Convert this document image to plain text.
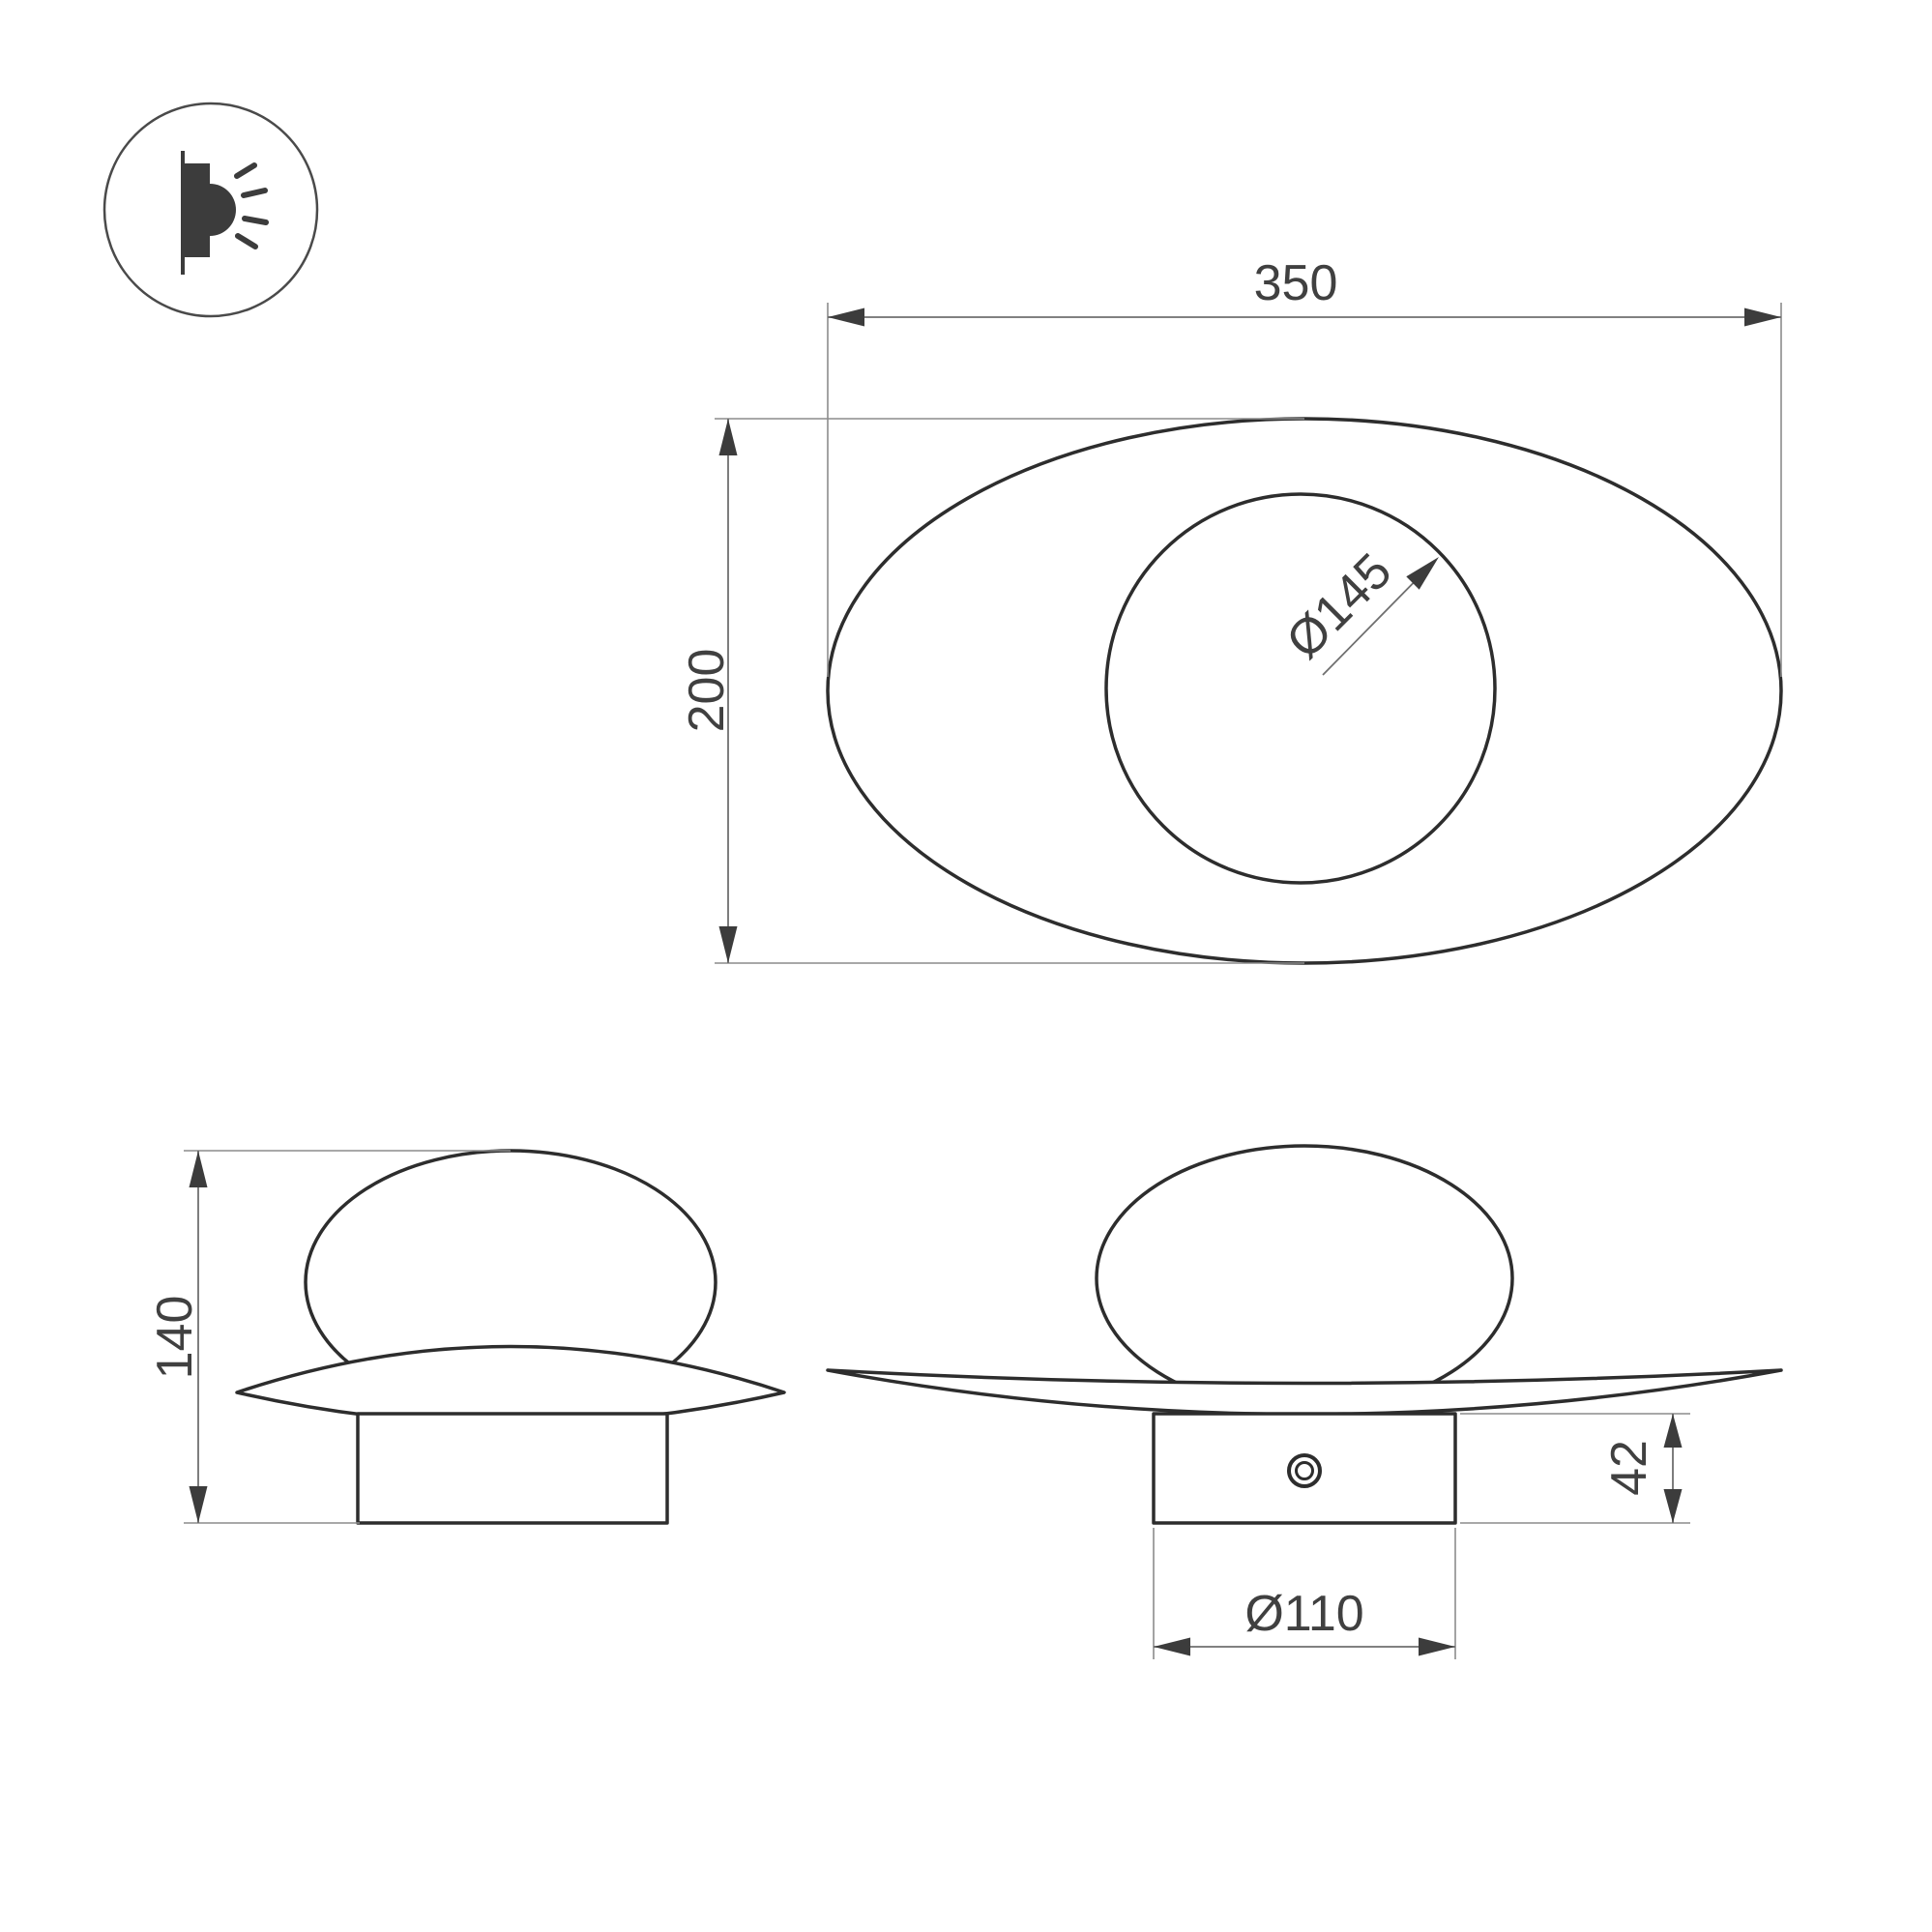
350
200
Ø145
140
42
Ø110
